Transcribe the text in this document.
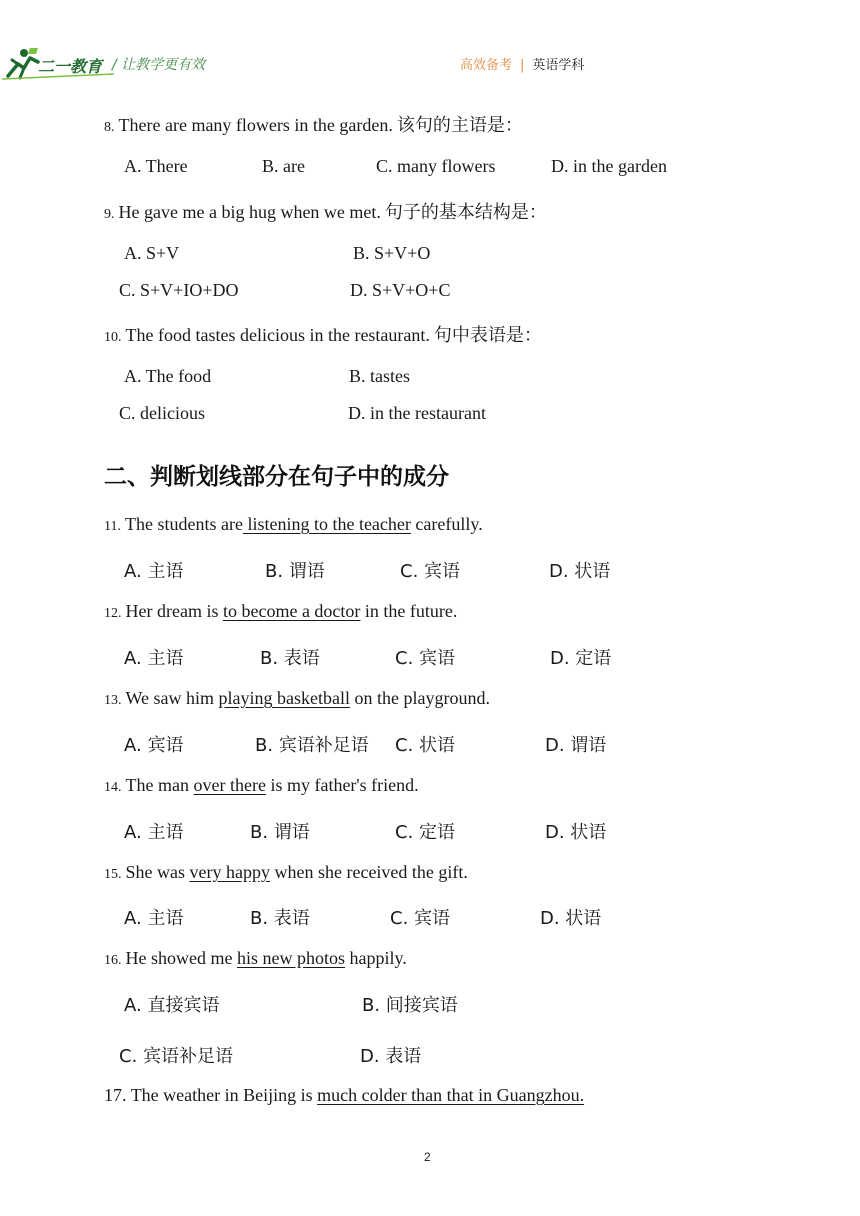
二一教育 / 让教学更有效	高效备考 | 英语学科
8. There are many flowers in the garden. 该句的主语是：
A. There	B. are	C. many flowers	D. in the garden
9. He gave me a big hug when we met. 句子的基本结构是：
A. S+V	B. S+V+O
C. S+V+IO+DO	D. S+V+O+C
10. The food tastes delicious in the restaurant. 句中表语是：
A. The food	B. tastes
C. delicious	D. in the restaurant
二、判断划线部分在句子中的成分
11. The students are listening to the teacher carefully.
A. 主语	B. 谓语	C. 宾语	D. 状语
12. Her dream is to become a doctor in the future.
A. 主语	B. 表语	C. 宾语	D. 定语
13. We saw him playing basketball on the playground.
A. 宾语	B. 宾语补足语 C. 状语	D. 谓语
14. The man over there is my father's friend.
A. 主语	B. 谓语	C. 定语	D. 状语
15. She was very happy when she received the gift.
A. 主语	B. 表语	C. 宾语	D. 状语
16. He showed me his new photos happily.
A. 直接宾语	B. 间接宾语
C. 宾语补足语	D. 表语
17. The weather in Beijing is much colder than that in Guangzhou.
2
